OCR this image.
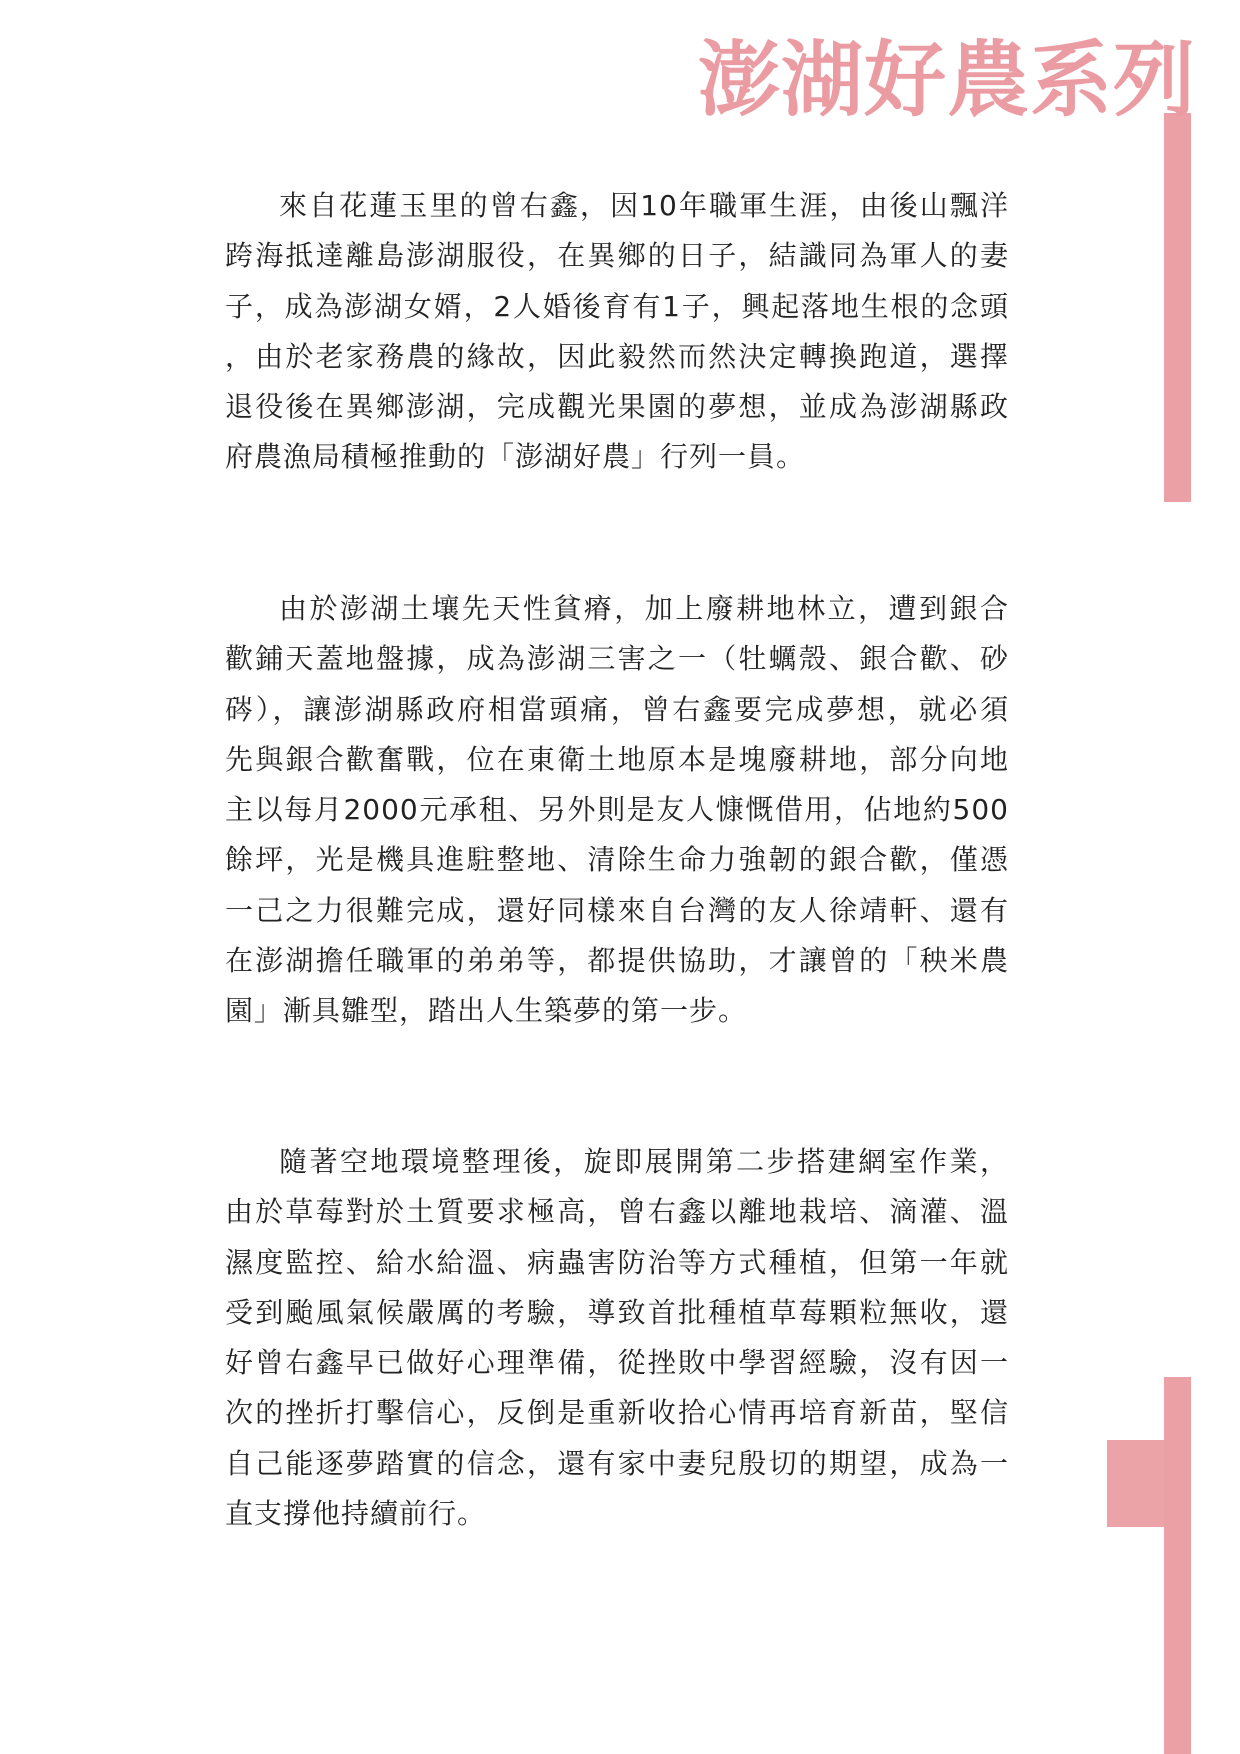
澎湖好農系列
來自花蓮玉里的曾右鑫，因10年職軍生涯，由後山飄洋
跨海抵達離島澎湖服役，在異鄉的日子，結識同為軍人的妻
子，成為澎湖女婿，2人婚後育有1子，興起落地生根的念頭
，由於老家務農的緣故，因此毅然而然決定轉換跑道，選擇
退役後在異鄉澎湖，完成觀光果園的夢想，並成為澎湖縣政
府農漁局積極推動的「澎湖好農」行列一員。
由於澎湖土壤先天性貧瘠，加上廢耕地林立，遭到銀合
歡鋪天蓋地盤據，成為澎湖三害之一（牡蠣殼、銀合歡、砂
硶），讓澎湖縣政府相當頭痛，曾右鑫要完成夢想，就必須
先與銀合歡奮戰，位在東衛土地原本是塊廢耕地，部分向地
主以每月2000元承租、另外則是友人慷慨借用，佔地約500
餘坪，光是機具進駐整地、清除生命力強韌的銀合歡，僅憑
一己之力很難完成，還好同樣來自台灣的友人徐靖軒、還有
在澎湖擔任職軍的弟弟等，都提供協助，才讓曾的「秧米農
園」漸具雛型，踏出人生築夢的第一步。
隨著空地環境整理後，旋即展開第二步搭建網室作業，
由於草莓對於土質要求極高，曾右鑫以離地栽培、滴灌、溫
濕度監控、給水給溫、病蟲害防治等方式種植，但第一年就
受到颱風氣候嚴厲的考驗，導致首批種植草莓顆粒無收，還
好曾右鑫早已做好心理準備，從挫敗中學習經驗，沒有因一
次的挫折打擊信心，反倒是重新收拾心情再培育新苗，堅信
自己能逐夢踏實的信念，還有家中妻兒殷切的期望，成為一
直支撐他持續前行。
